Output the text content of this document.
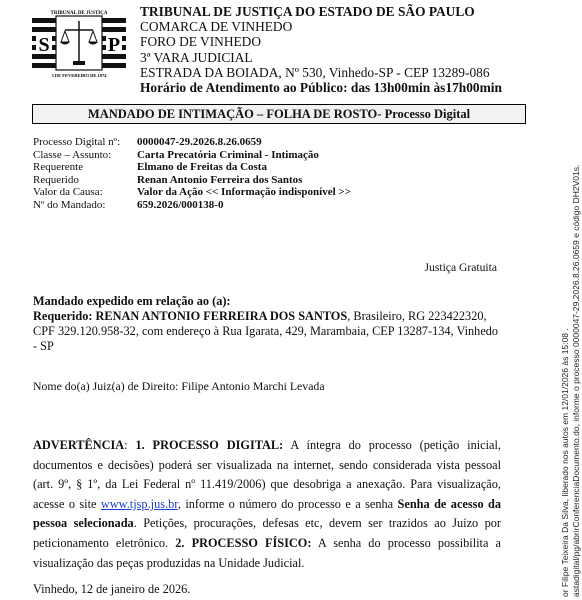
TRIBUNAL DE JUSTIÇA
S	P
3 DE FEVEREIRO DE 1874
TRIBUNAL DE JUSTIÇA DO ESTADO DE SÃO PAULO
COMARCA DE VINHEDO
FORO DE VINHEDO
3ª VARA JUDICIAL
ESTRADA DA BOIADA, Nº 530, Vinhedo-SP - CEP 13289-086
Horário de Atendimento ao Público: das 13h00min às17h00min
MANDADO DE INTIMAÇÃO – FOLHA DE ROSTO- Processo Digital
Processo Digital nº:	0000047-29.2026.8.26.0659
Classe – Assunto:	Carta Precatória Criminal - Intimação
Requerente	Elmano de Freitas da Costa
Requerido	Renan Antonio Ferreira dos Santos
Valor da Causa:	Valor da Ação << Informação indisponível >>
Nº do Mandado:	659.2026/000138-0
Justiça Gratuita
Mandado expedido em relação ao (a):
Requerido: RENAN ANTONIO FERREIRA DOS SANTOS, Brasileiro, RG 223422320, CPF 329.120.958-32, com endereço à Rua Igarata, 429, Marambaia, CEP 13287-134, Vinhedo - SP
Nome do(a) Juiz(a) de Direito: Filipe Antonio Marchi Levada
ADVERTÊNCIA: 1. PROCESSO DIGITAL: A íntegra do processo (petição inicial, documentos e decisões) poderá ser visualizada na internet, sendo considerada vista pessoal (art. 9º, § 1º, da Lei Federal nº 11.419/2006) que desobriga a anexação. Para visualização, acesse o site www.tjsp.jus.br, informe o número do processo e a senha Senha de acesso da pessoa selecionada. Petições, procurações, defesas etc, devem ser trazidos ao Juízo por peticionamento eletrônico. 2. PROCESSO FÍSICO: A senha do processo possibilita a visualização das peças produzidas na Unidade Judicial.
Vinhedo, 12 de janeiro de 2026.	or Filipe Teixeira Da Silva, liberado nos autos em 12/01/2026 às 15:08 . astadigital/pg/abrirConferenciaDocumento.do, informe o processo 0000047-29.2026.8.26.0659 e código DH2V01s.
